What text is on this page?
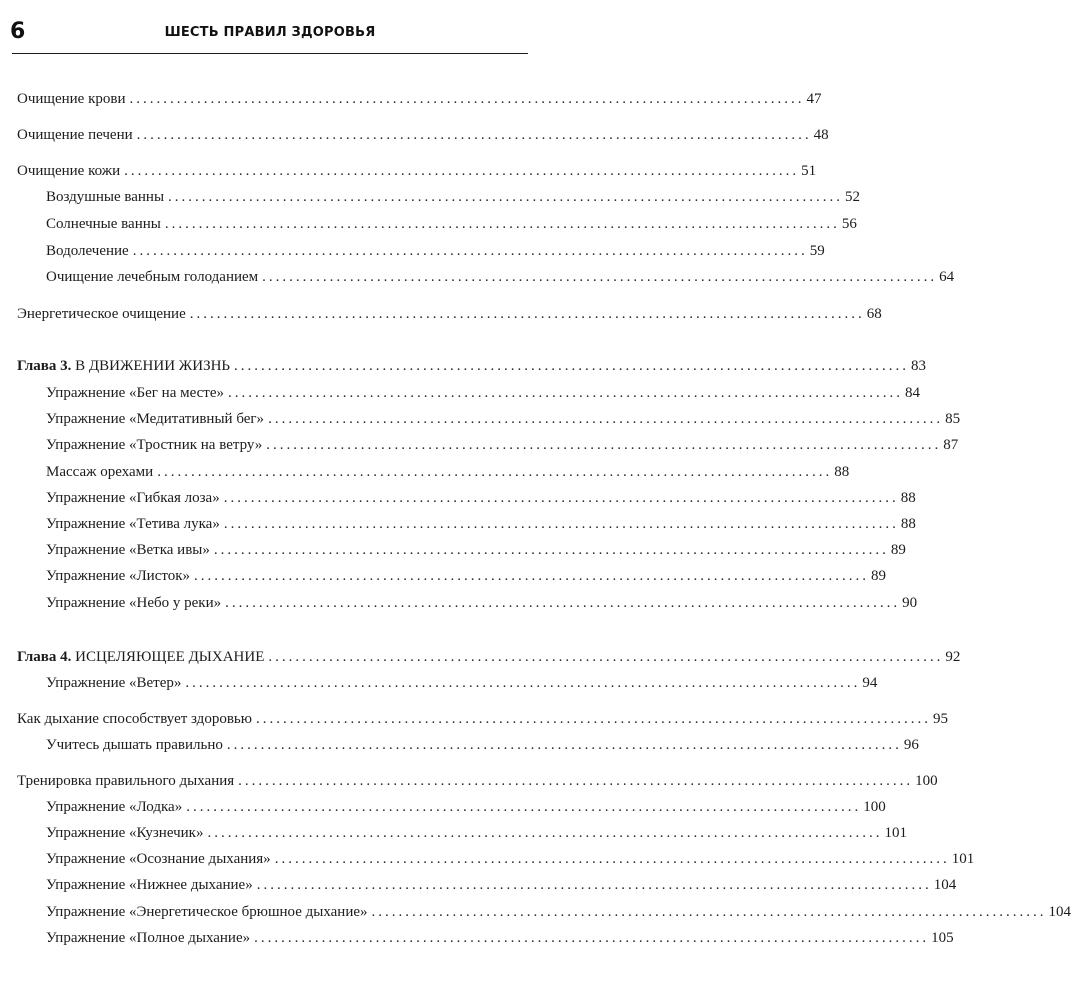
6	ШЕСТЬ ПРАВИЛ ЗДОРОВЬЯ
Очищение крови .................................................................................................... 47
Очищение печени .................................................................................................... 48
Очищение кожи .................................................................................................... 51
Воздушные ванны .................................................................................................... 52
Солнечные ванны .................................................................................................... 56
Водолечение .................................................................................................... 59
Очищение лечебным голоданием .................................................................................................... 64
Энергетическое очищение .................................................................................................... 68
Глава 3. В ДВИЖЕНИИ ЖИЗНЬ .................................................................................................... 83
Упражнение «Бег на месте» .................................................................................................... 84
Упражнение «Медитативный бег» .................................................................................................... 85
Упражнение «Тростник на ветру» .................................................................................................... 87
Массаж орехами .................................................................................................... 88
Упражнение «Гибкая лоза» .................................................................................................... 88
Упражнение «Тетива лука» .................................................................................................... 88
Упражнение «Ветка ивы» .................................................................................................... 89
Упражнение «Листок» .................................................................................................... 89
Упражнение «Небо у реки» .................................................................................................... 90
Глава 4. ИСЦЕЛЯЮЩЕЕ ДЫХАНИЕ .................................................................................................... 92
Упражнение «Ветер» .................................................................................................... 94
Как дыхание способствует здоровью .................................................................................................... 95
Учитесь дышать правильно .................................................................................................... 96
Тренировка правильного дыхания .................................................................................................... 100
Упражнение «Лодка» .................................................................................................... 100
Упражнение «Кузнечик» .................................................................................................... 101
Упражнение «Осознание дыхания» .................................................................................................... 101
Упражнение «Нижнее дыхание» .................................................................................................... 104
Упражнение «Энергетическое брюшное дыхание» .................................................................................................... 104
Упражнение «Полное дыхание» .................................................................................................... 105
